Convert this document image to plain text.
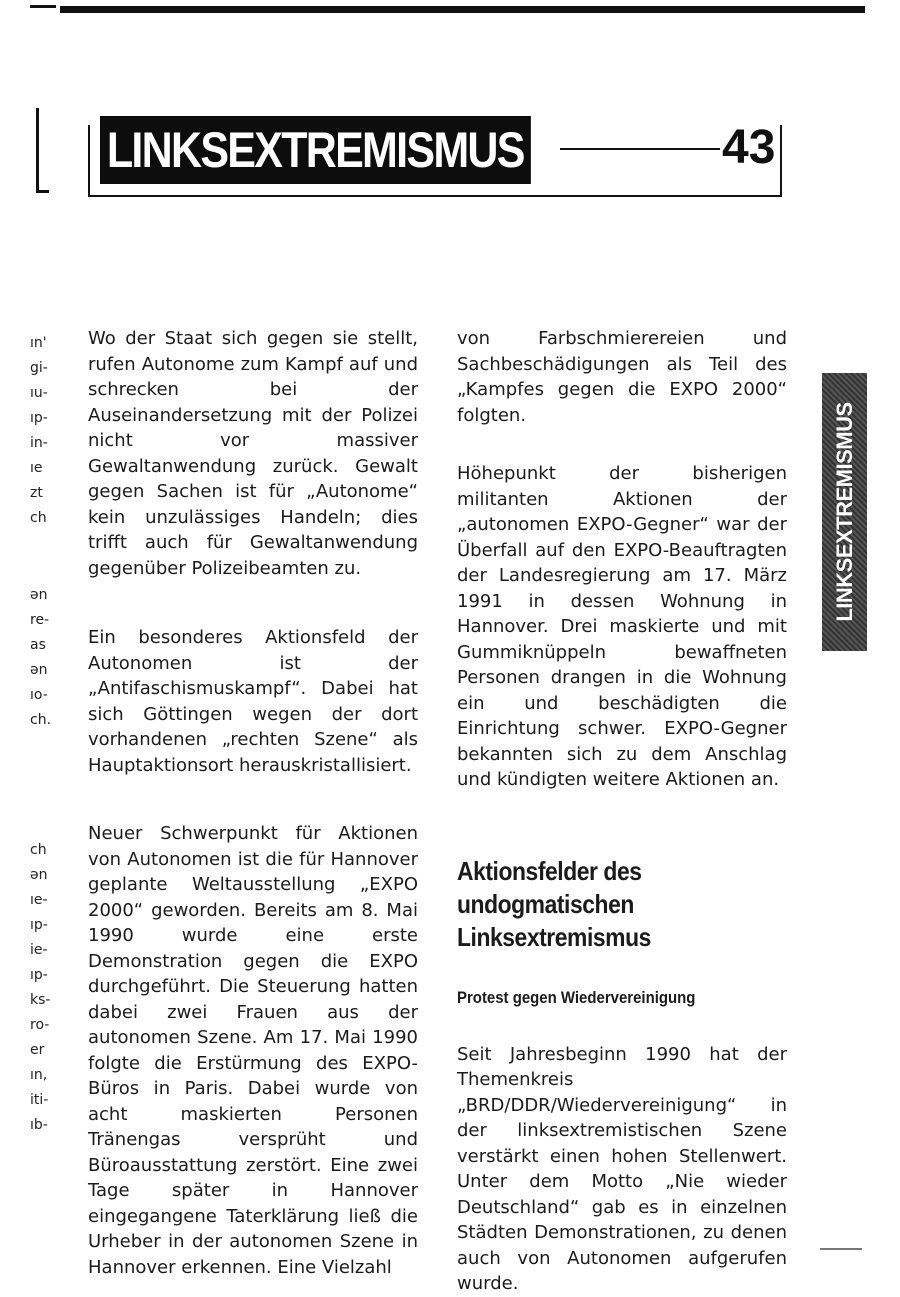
LINKSEXTREMISMUS	43
LINKSEXTREMISMUS
ın'
gi-
ıu-
ıp-
in-
ıe
zt
ch
ən
re-
as
ən
ıo-
ch.
ch
ən
ıe-
ıp-
ie-
ıp-
ks-
ro-
er
ın,
iti-
ıb-

Wo der Staat sich gegen sie stellt, rufen Autonome zum Kampf auf und schrecken bei der Auseinandersetzung mit der Polizei nicht vor massiver Gewaltanwendung zurück. Gewalt gegen Sachen ist für „Autonome“ kein unzulässiges Handeln; dies trifft auch für Gewaltanwendung gegenüber Polizeibeamten zu.

Ein besonderes Aktionsfeld der Autonomen ist der „Antifaschismuskampf“. Dabei hat sich Göttingen wegen der dort vorhandenen „rechten Szene“ als Hauptaktionsort herauskristallisiert.

Neuer Schwerpunkt für Aktionen von Autonomen ist die für Hannover geplante Weltausstellung „EXPO 2000“ geworden. Bereits am 8. Mai 1990 wurde eine erste Demonstration gegen die EXPO durchgeführt. Die Steuerung hatten dabei zwei Frauen aus der autonomen Szene. Am 17. Mai 1990 folgte die Erstürmung des EXPO-Büros in Paris. Dabei wurde von acht maskierten Personen Tränengas versprüht und Büroausstattung zerstört. Eine zwei Tage später in Hannover eingegangene Taterklärung ließ die Urheber in der autonomen Szene in Hannover erkennen. Eine Vielzahl

von Farbschmierereien und Sachbeschädigungen als Teil des „Kampfes gegen die EXPO 2000“ folgten.

Höhepunkt der bisherigen militanten Aktionen der „autonomen EXPO-Gegner“ war der Überfall auf den EXPO-Beauftragten der Landesregierung am 17. März 1991 in dessen Wohnung in Hannover. Drei maskierte und mit Gummiknüppeln bewaffneten Personen drangen in die Wohnung ein und beschädigten die Einrichtung schwer. EXPO-Gegner bekannten sich zu dem Anschlag und kündigten weitere Aktionen an.

Aktionsfelder des undogmatischen Linksextremismus
Protest gegen Wiedervereinigung

Seit Jahresbeginn 1990 hat der Themenkreis „BRD/DDR/Wiedervereinigung“ in der linksextremistischen Szene verstärkt einen hohen Stellenwert. Unter dem Motto „Nie wieder Deutschland“ gab es in einzelnen Städten Demonstrationen, zu denen auch von Autonomen aufgerufen wurde.
